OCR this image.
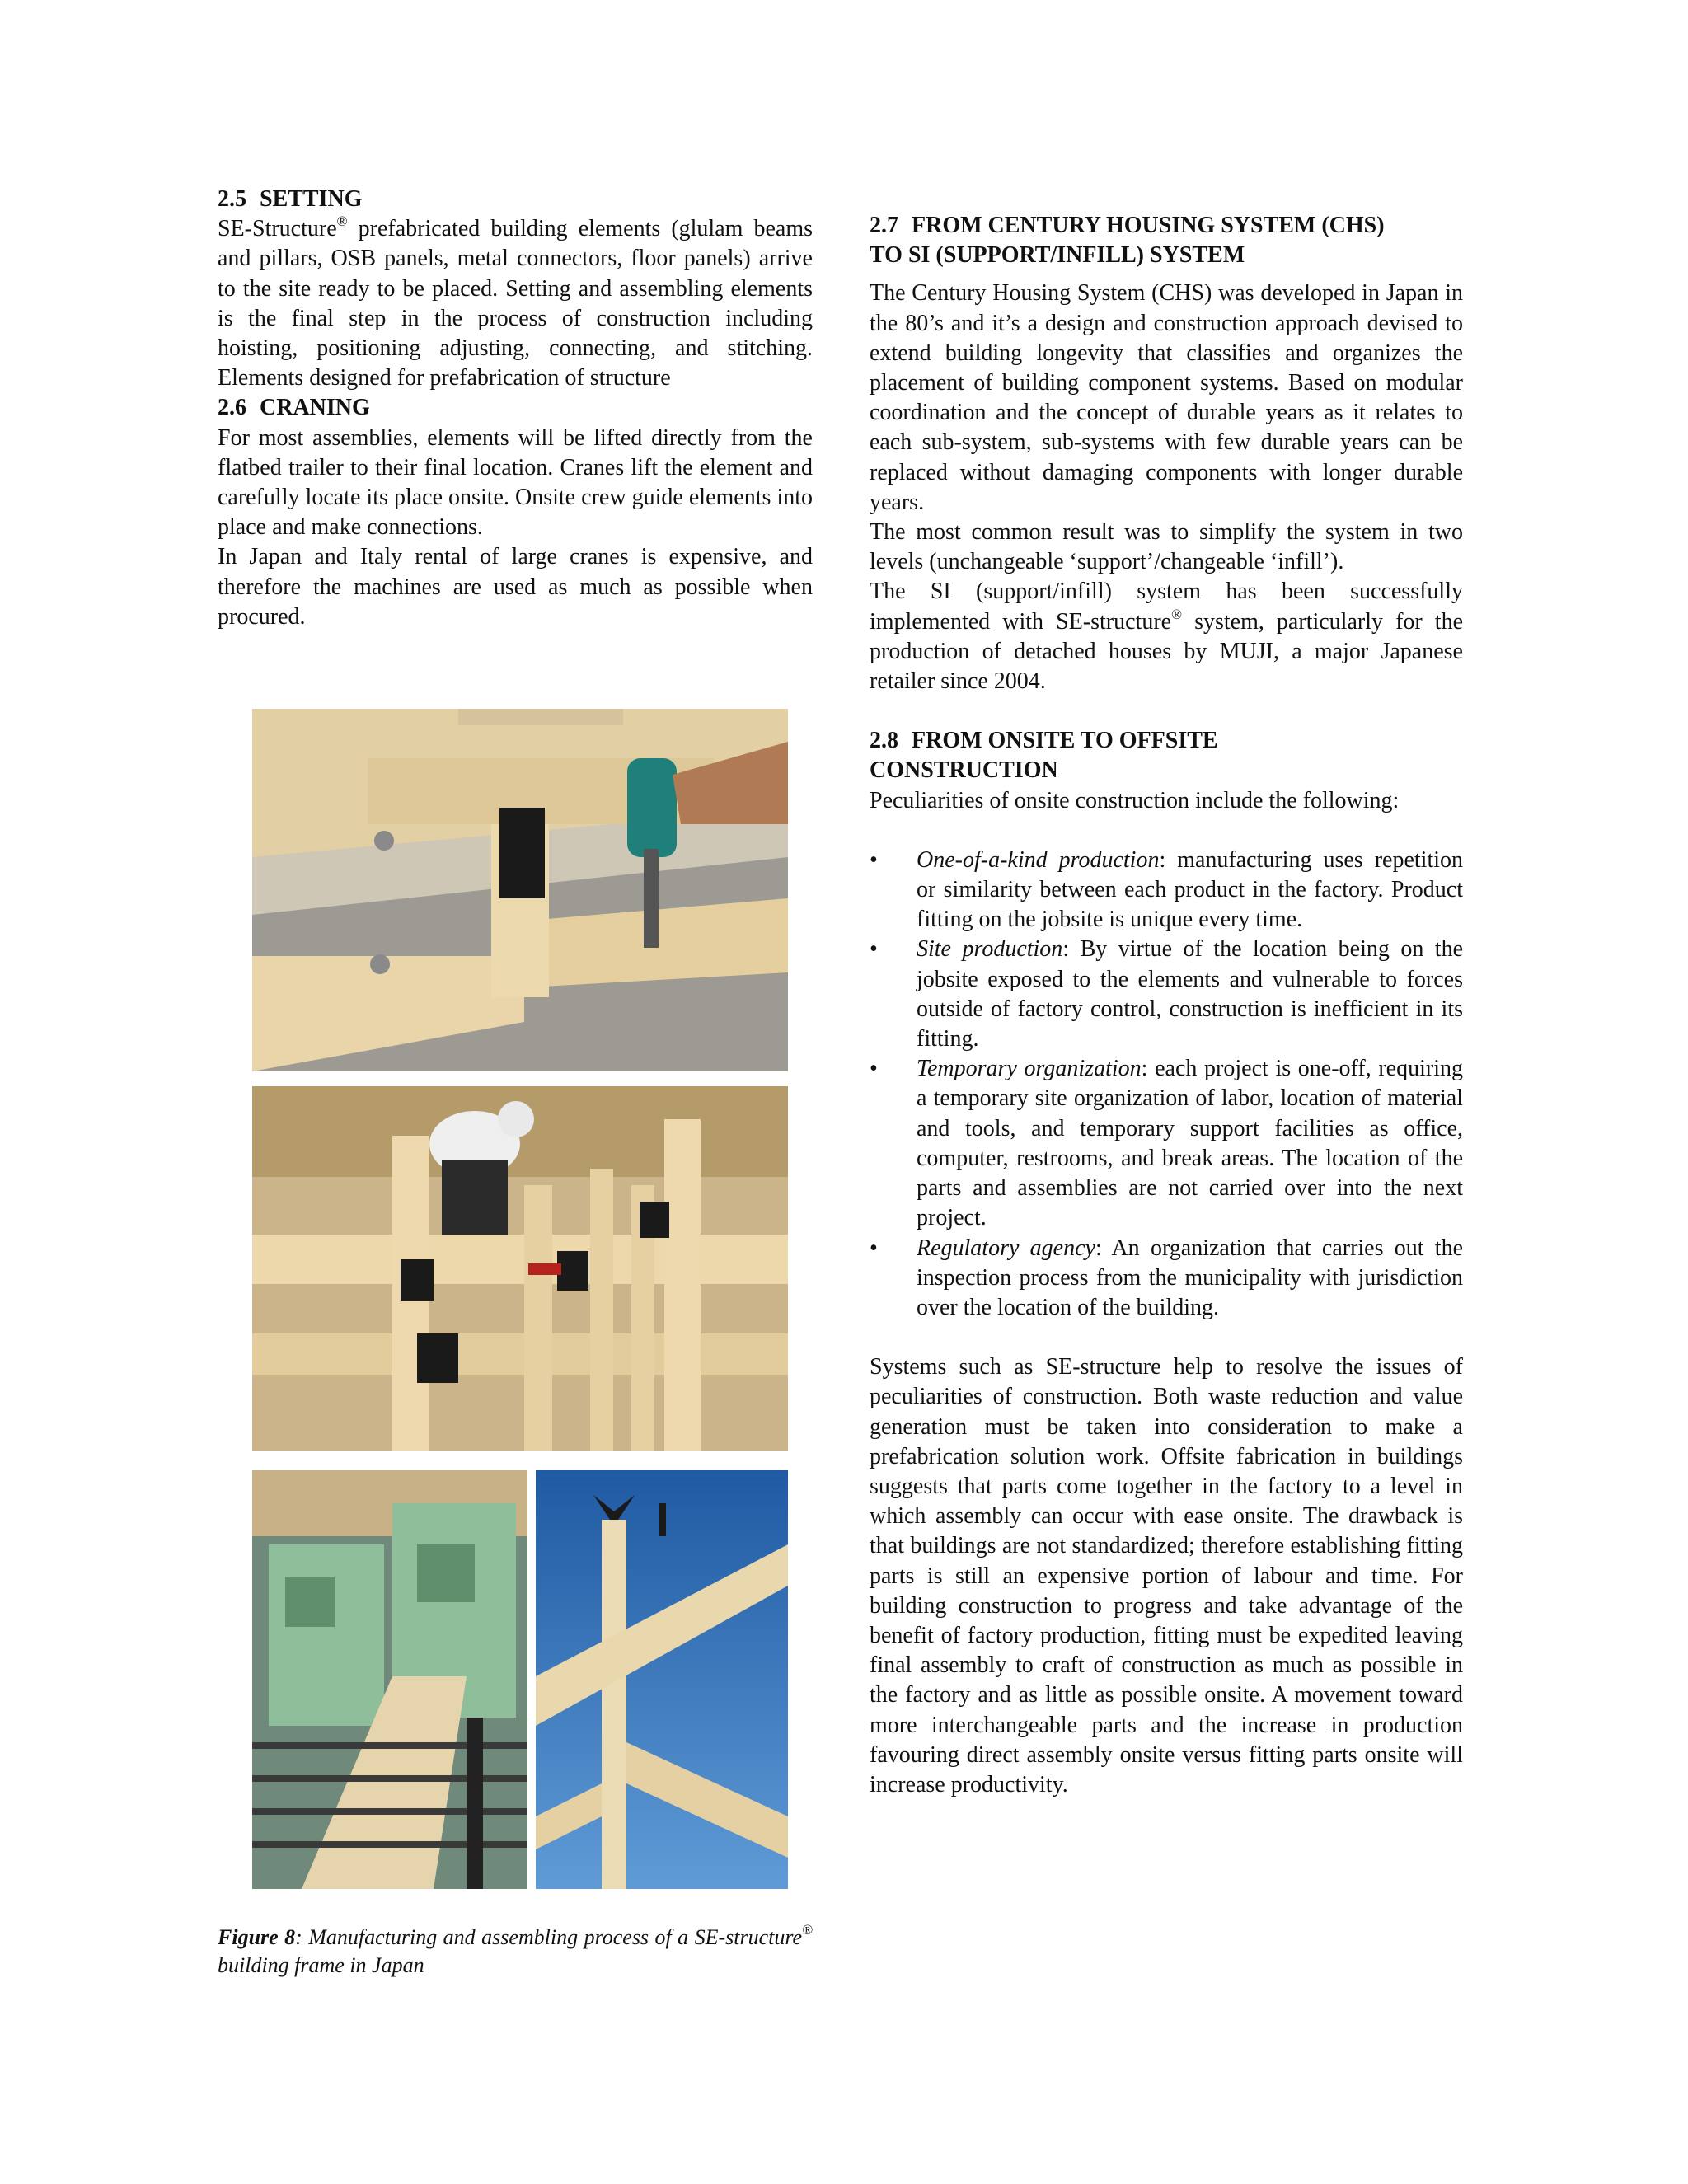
2.5 SETTING

SE-Structure® prefabricated building elements (glulam beams and pillars, OSB panels, metal connectors, floor panels) arrive to the site ready to be placed. Setting and assembling elements is the final step in the process of construction including hoisting, positioning adjusting, connecting, and stitching. Elements designed for prefabrication of structure

2.6 CRANING

For most assemblies, elements will be lifted directly from the flatbed trailer to their final location. Cranes lift the element and carefully locate its place onsite. Onsite crew guide elements into place and make connections.

In Japan and Italy rental of large cranes is expensive, and therefore the machines are used as much as possible when procured.

Figure 8: Manufacturing and assembling process of a SE-structure® building frame in Japan
2.7 FROM CENTURY HOUSING SYSTEM (CHS)
TO SI (SUPPORT/INFILL) SYSTEM

The Century Housing System (CHS) was developed in Japan in the 80’s and it’s a design and construction approach devised to extend building longevity that classifies and organizes the placement of building component systems. Based on modular coordination and the concept of durable years as it relates to each sub-system, sub-systems with few durable years can be replaced without damaging components with longer durable years.

The most common result was to simplify the system in two levels (unchangeable ‘support’/changeable ‘infill’).

The SI (support/infill) system has been successfully implemented with SE-structure® system, particularly for the production of detached houses by MUJI, a major Japanese retailer since 2004.

2.8 FROM ONSITE TO OFFSITE
CONSTRUCTION

Peculiarities of onsite construction include the following:

• One-of-a-kind production: manufacturing uses repetition or similarity between each product in the factory. Product fitting on the jobsite is unique every time.
• Site production: By virtue of the location being on the jobsite exposed to the elements and vulnerable to forces outside of factory control, construction is inefficient in its fitting.
• Temporary organization: each project is one-off, requiring a temporary site organization of labor, location of material and tools, and temporary support facilities as office, computer, restrooms, and break areas. The location of the parts and assemblies are not carried over into the next project.
• Regulatory agency: An organization that carries out the inspection process from the municipality with jurisdiction over the location of the building.

Systems such as SE-structure help to resolve the issues of peculiarities of construction. Both waste reduction and value generation must be taken into consideration to make a prefabrication solution work. Offsite fabrication in buildings suggests that parts come together in the factory to a level in which assembly can occur with ease onsite. The drawback is that buildings are not standardized; therefore establishing fitting parts is still an expensive portion of labour and time. For building construction to progress and take advantage of the benefit of factory production, fitting must be expedited leaving final assembly to craft of construction as much as possible in the factory and as little as possible onsite. A movement toward more interchangeable parts and the increase in production favouring direct assembly onsite versus fitting parts onsite will increase productivity.
